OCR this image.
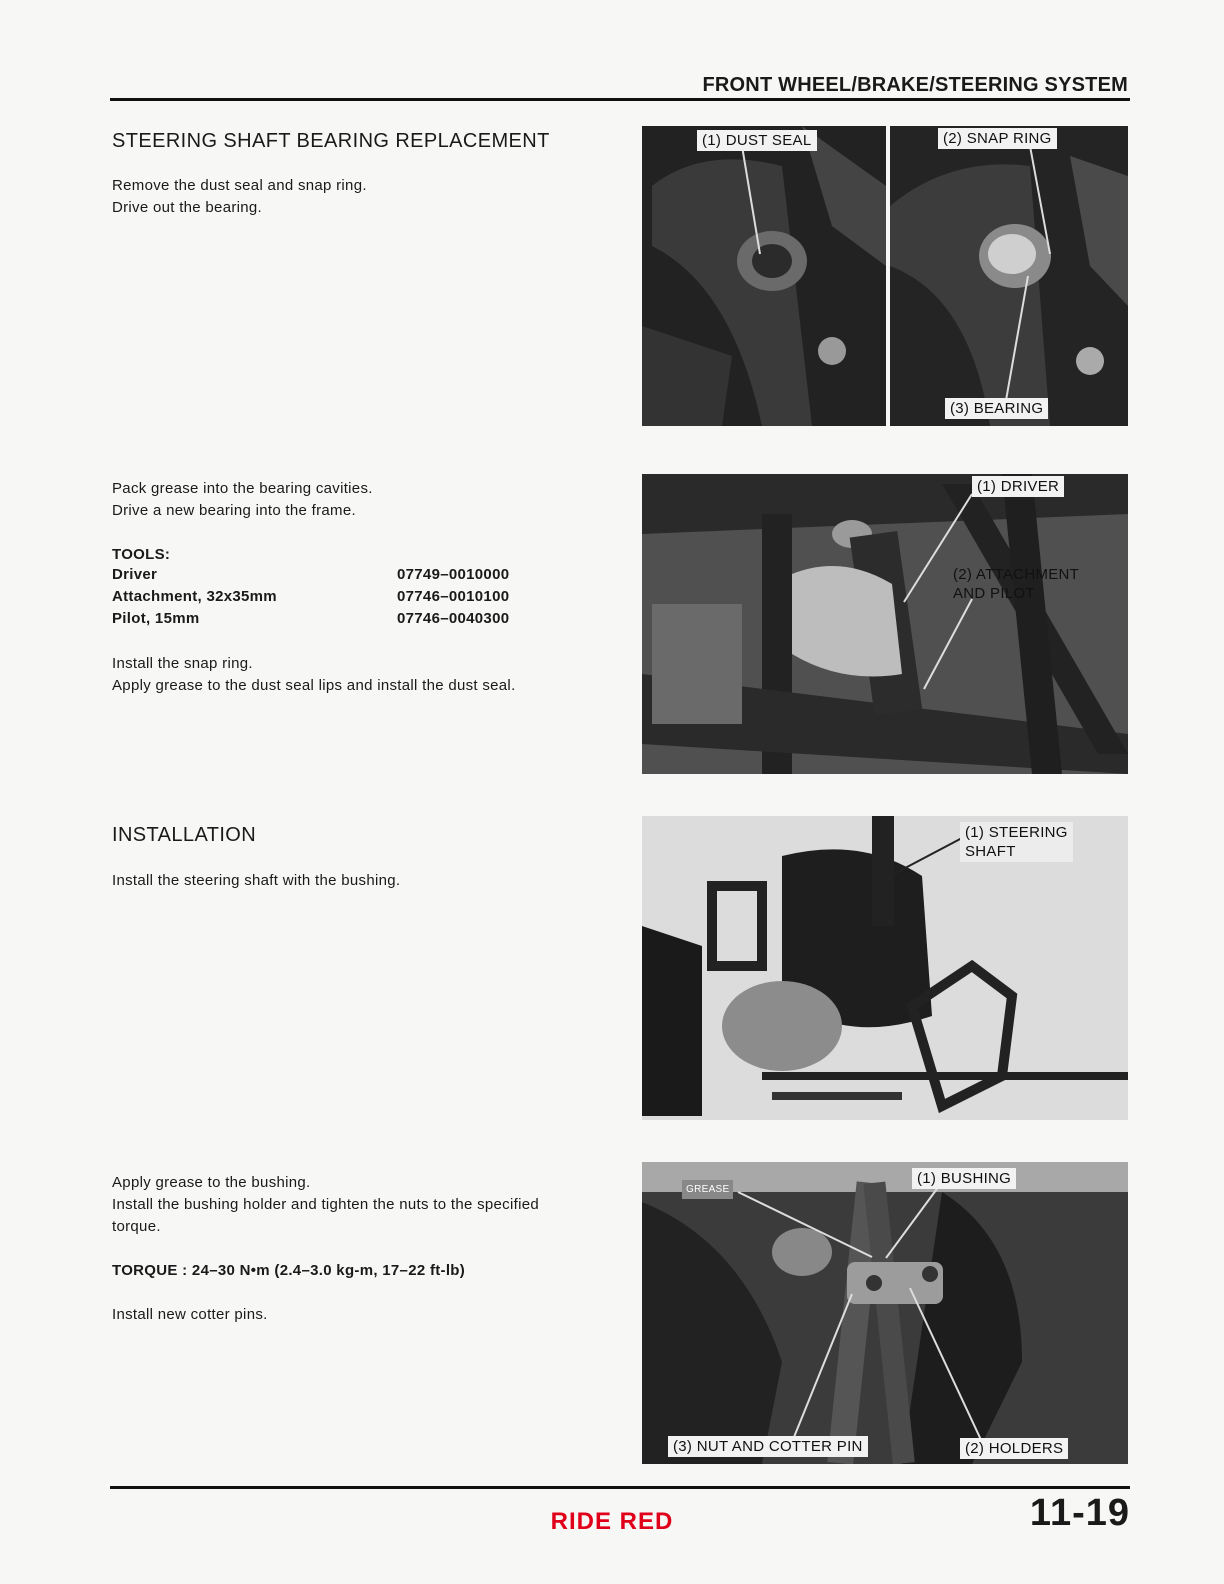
FRONT WHEEL/BRAKE/STEERING SYSTEM
STEERING SHAFT BEARING REPLACEMENT
Remove the dust seal and snap ring.
Drive out the bearing.
Pack grease into the bearing cavities.
Drive a new bearing into the frame.
TOOLS:
Driver	07749–0010000
Attachment, 32x35mm	07746–0010100
Pilot, 15mm	07746–0040300
Install the snap ring.
Apply grease to the dust seal lips and install the dust seal.
INSTALLATION
Install the steering shaft with the bushing.
Apply grease to the bushing.
Install the bushing holder and tighten the nuts to the specified
torque.
TORQUE : 24–30 N•m (2.4–3.0 kg-m, 17–22 ft-lb)
Install new cotter pins.
(1) DUST SEAL	(2) SNAP RING
(3) BEARING
(1) DRIVER
(2) ATTACHMENT
AND PILOT
(1) STEERING
SHAFT
GREASE
(1) BUSHING
(3) NUT AND COTTER PIN	(2) HOLDERS
RIDE RED	11-19
